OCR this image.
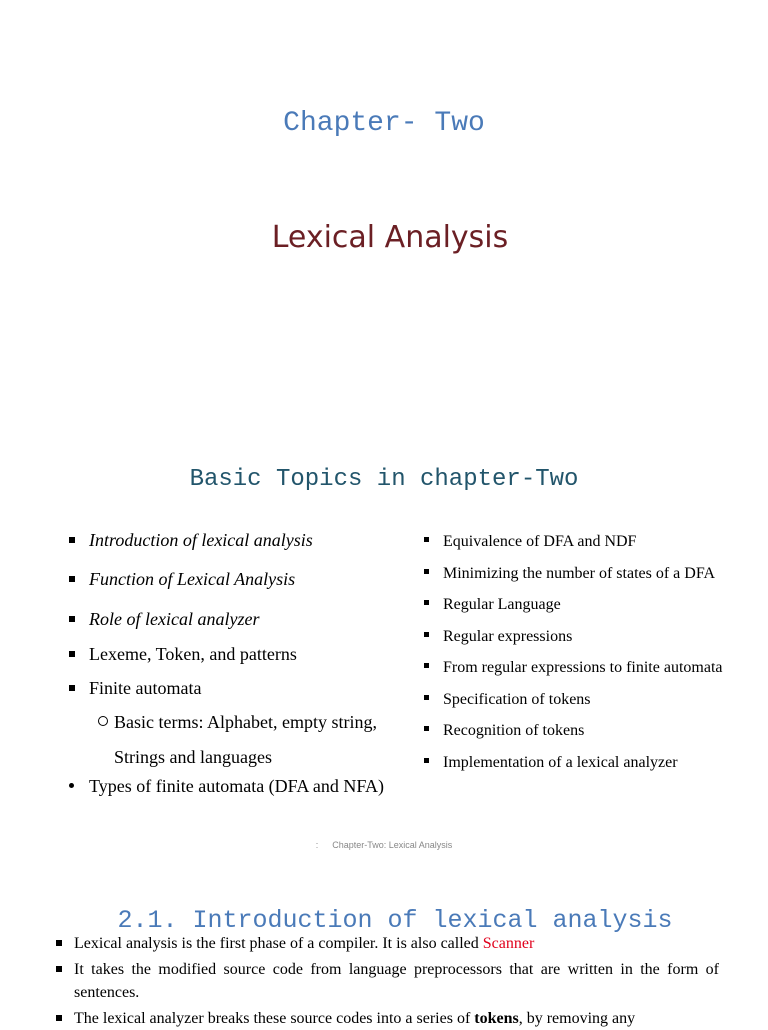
Chapter- Two
Lexical Analysis
Basic Topics in chapter-Two
Introduction of lexical analysis
Function of Lexical Analysis
Role of lexical analyzer
Lexeme, Token, and patterns
Finite automata
Basic terms: Alphabet, empty string,
Strings and languages
Types of finite automata (DFA and NFA)
Equivalence of DFA and NDF
Minimizing the number of states of a DFA
Regular Language
Regular expressions
From regular expressions to finite automata
Specification of tokens
Recognition of tokens
Implementation of a lexical analyzer
: Chapter-Two: Lexical Analysis
2.1. Introduction of lexical analysis
Lexical analysis is the first phase of a compiler. It is also called Scanner
It takes the modified source code from language preprocessors that are written in the form of sentences.
The lexical analyzer breaks these source codes into a series of tokens, by removing any
